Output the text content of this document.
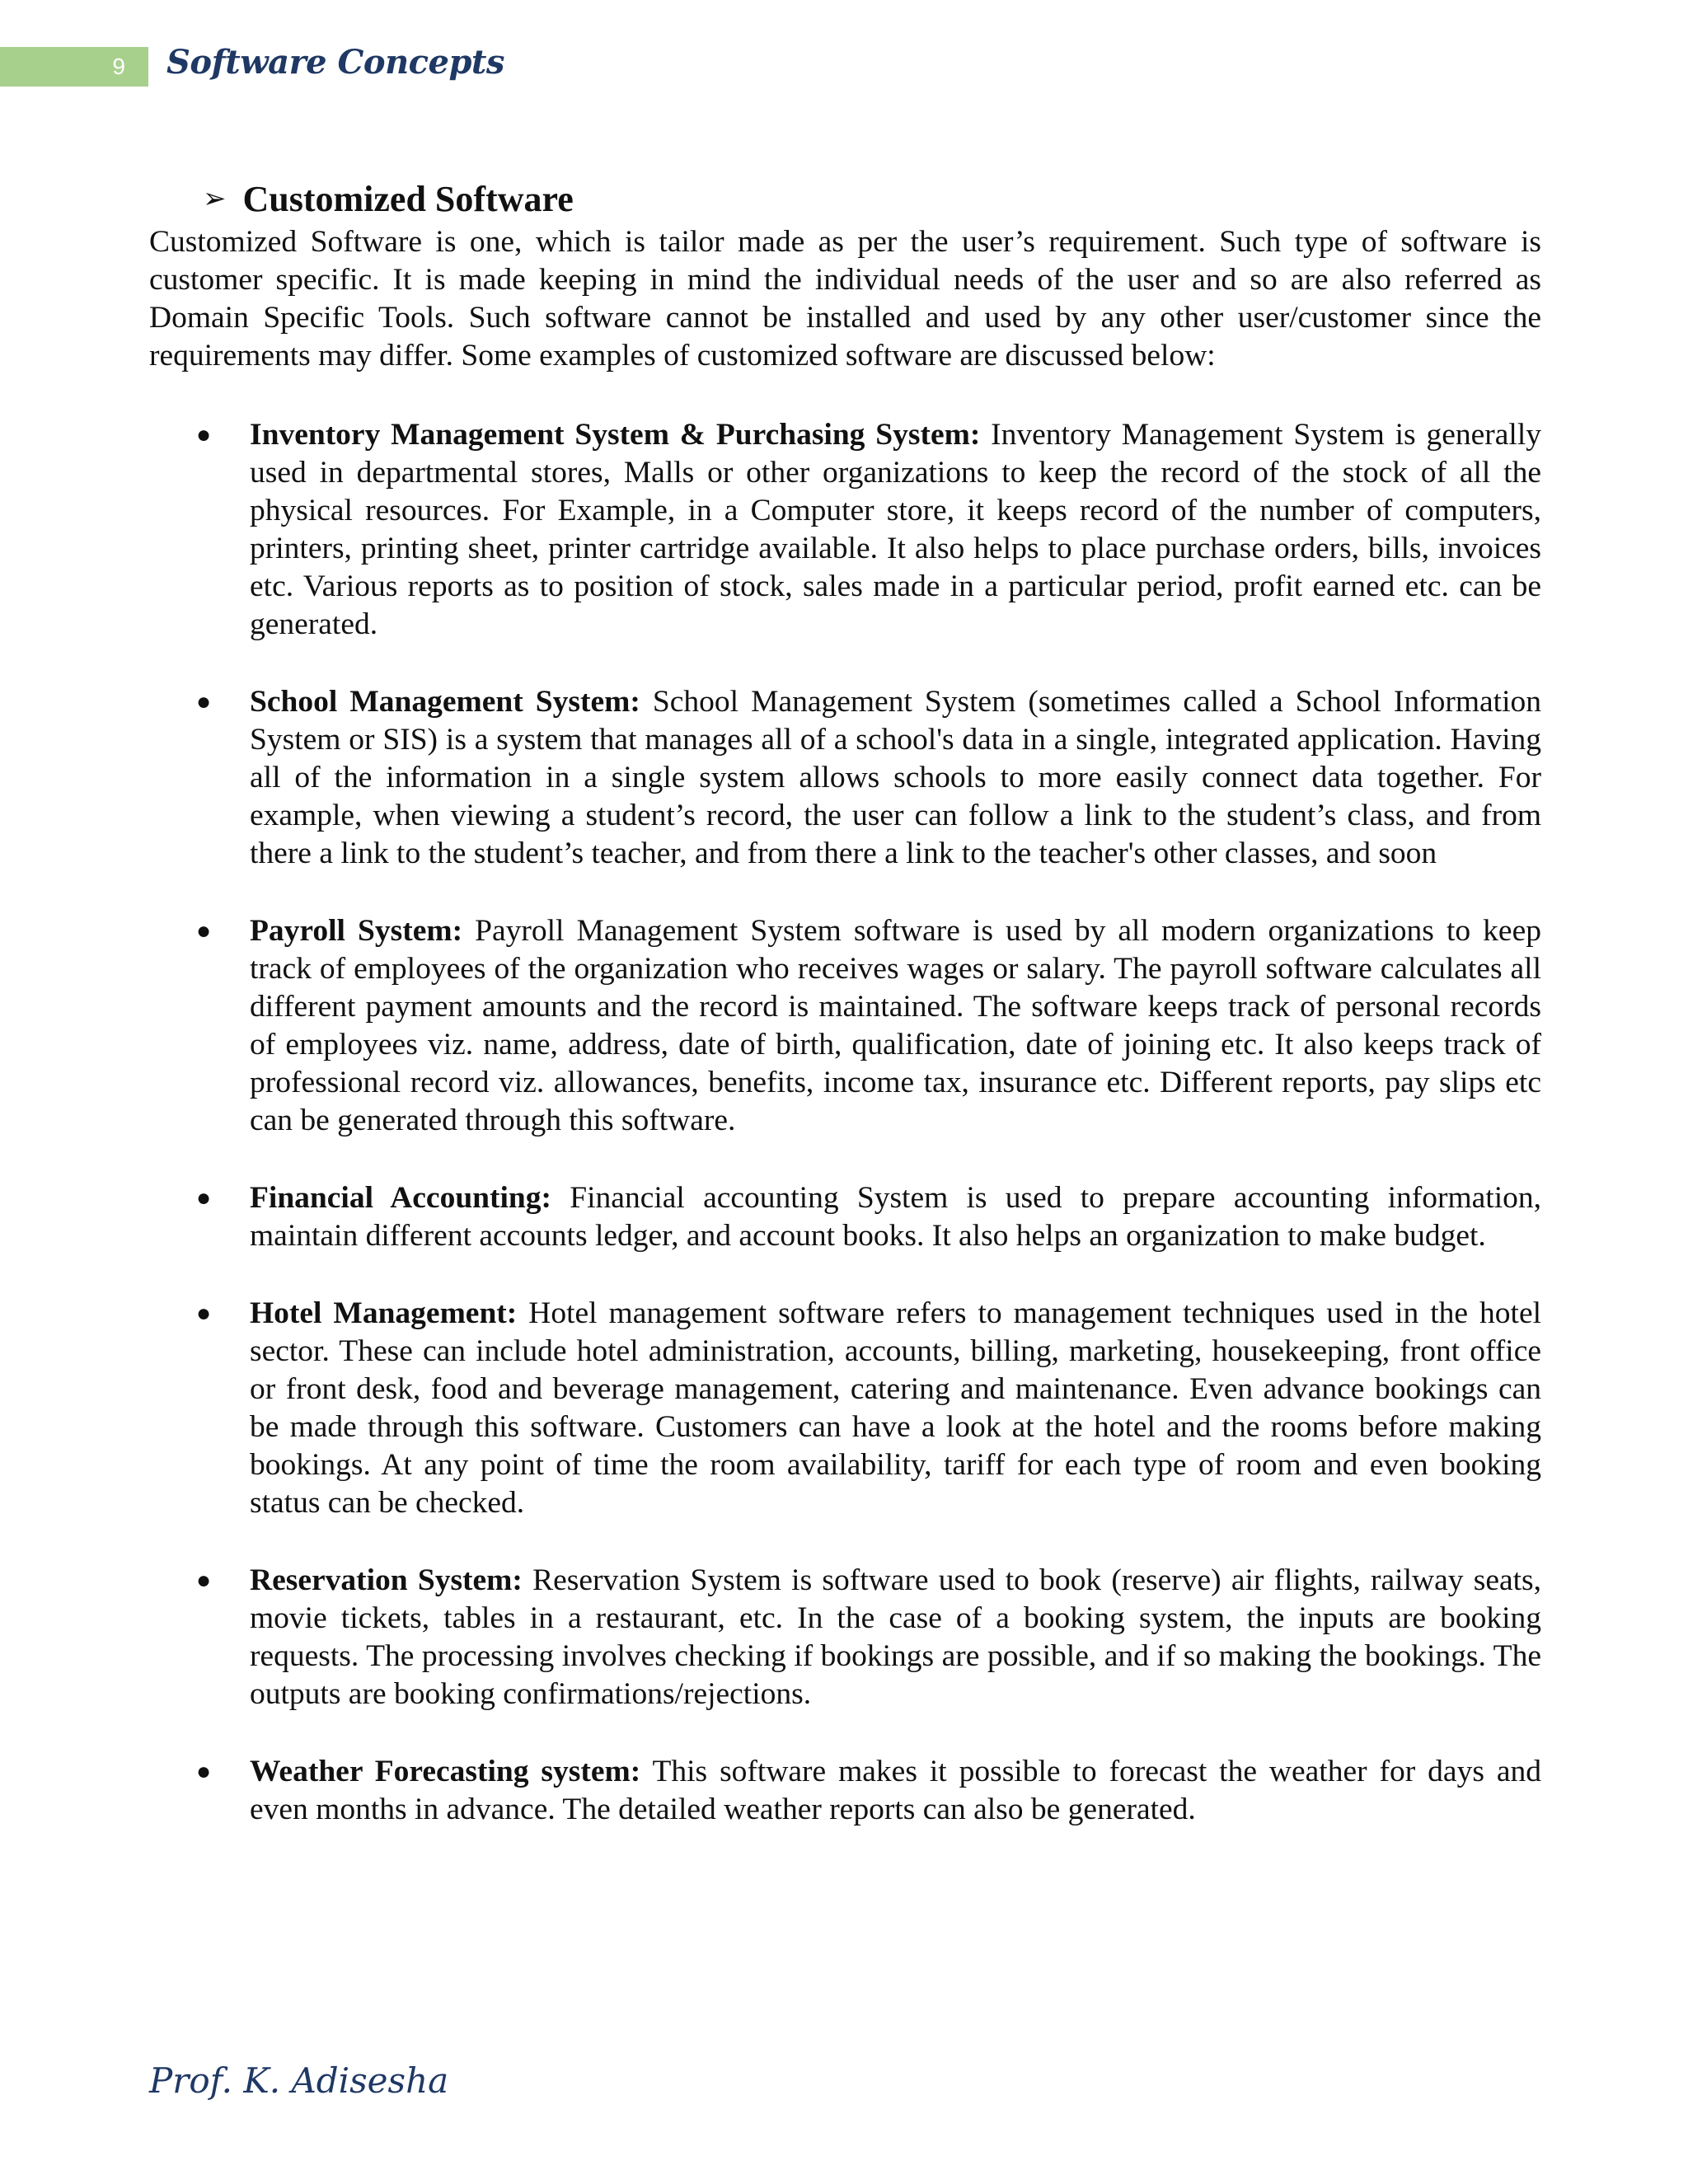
9	Software Concepts
➢ Customized Software

Customized Software is one, which is tailor made as per the user’s requirement. Such type of software is customer specific. It is made keeping in mind the individual needs of the user and so are also referred as Domain Specific Tools. Such software cannot be installed and used by any other user/customer since the requirements may differ. Some examples of customized software are discussed below:

● Inventory Management System & Purchasing System: Inventory Management System is generally used in departmental stores, Malls or other organizations to keep the record of the stock of all the physical resources. For Example, in a Computer store, it keeps record of the number of computers, printers, printing sheet, printer cartridge available. It also helps to place purchase orders, bills, invoices etc. Various reports as to position of stock, sales made in a particular period, profit earned etc. can be generated.
● School Management System: School Management System (sometimes called a School Information System or SIS) is a system that manages all of a school's data in a single, integrated application. Having all of the information in a single system allows schools to more easily connect data together. For example, when viewing a student’s record, the user can follow a link to the student’s class, and from there a link to the student’s teacher, and from there a link to the teacher's other classes, and soon
● Payroll System: Payroll Management System software is used by all modern organizations to keep track of employees of the organization who receives wages or salary. The payroll software calculates all different payment amounts and the record is maintained. The software keeps track of personal records of employees viz. name, address, date of birth, qualification, date of joining etc. It also keeps track of professional record viz. allowances, benefits, income tax, insurance etc. Different reports, pay slips etc can be generated through this software.
● Financial Accounting: Financial accounting System is used to prepare accounting information, maintain different accounts ledger, and account books. It also helps an organization to make budget.
● Hotel Management: Hotel management software refers to management techniques used in the hotel sector. These can include hotel administration, accounts, billing, marketing, housekeeping, front office or front desk, food and beverage management, catering and maintenance. Even advance bookings can be made through this software. Customers can have a look at the hotel and the rooms before making bookings. At any point of time the room availability, tariff for each type of room and even booking status can be checked.
● Reservation System: Reservation System is software used to book (reserve) air flights, railway seats, movie tickets, tables in a restaurant, etc. In the case of a booking system, the inputs are booking requests. The processing involves checking if bookings are possible, and if so making the bookings. The outputs are booking confirmations/rejections.
● Weather Forecasting system: This software makes it possible to forecast the weather for days and even months in advance. The detailed weather reports can also be generated.
Prof. K. Adisesha
